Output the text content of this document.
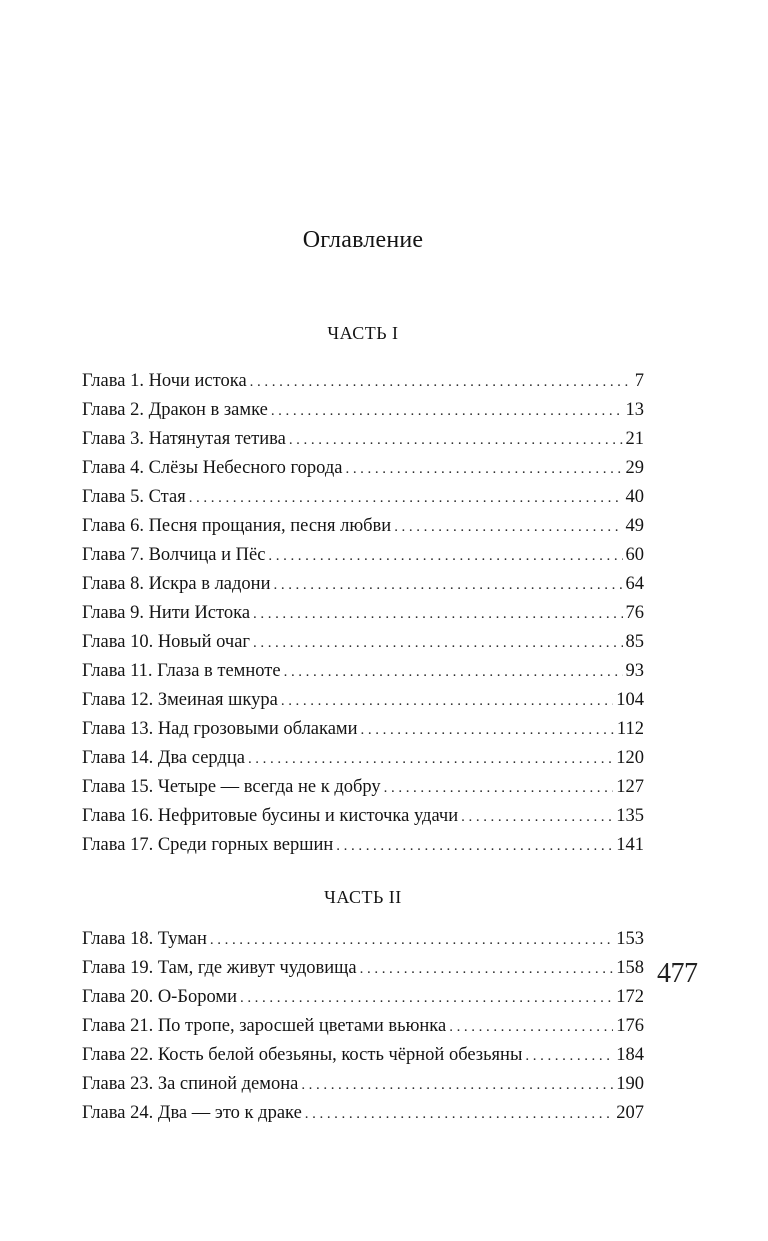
Оглавление
ЧАСТЬ I
Глава 1. Ночи истока .....	7
Глава 2. Дракон в замке .....	13
Глава 3. Натянутая тетива .....	21
Глава 4. Слёзы Небесного города .....	29
Глава 5. Стая .....	40
Глава 6. Песня прощания, песня любви .....	49
Глава 7. Волчица и Пёс .....	60
Глава 8. Искра в ладони .....	64
Глава 9. Нити Истока .....	76
Глава 10. Новый очаг .....	85
Глава 11. Глаза в темноте .....	93
Глава 12. Змеиная шкура .....	104
Глава 13. Над грозовыми облаками .....	112
Глава 14. Два сердца .....	120
Глава 15. Четыре — всегда не к добру .....	127
Глава 16. Нефритовые бусины и кисточка удачи .....	135
Глава 17. Среди горных вершин .....	141
ЧАСТЬ II
Глава 18. Туман .....	153
Глава 19. Там, где живут чудовища .....	158
Глава 20. О-Бороми .....	172
Глава 21. По тропе, заросшей цветами вьюнка .....	176
Глава 22. Кость белой обезьяны, кость чёрной обезьяны .....	184
Глава 23. За спиной демона .....	190
Глава 24. Два — это к драке .....	207
477
